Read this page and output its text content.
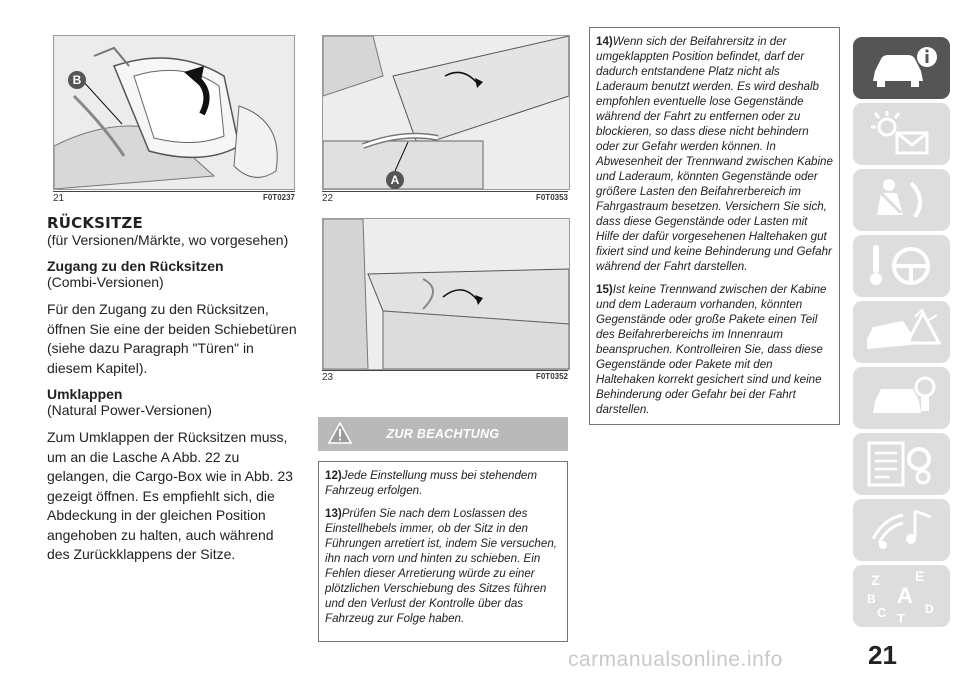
B
21	F0T0237

RÜCKSITZE

(für Versionen/Märkte, wo vorgesehen)

Zugang zu den Rücksitzen

(Combi-Versionen)

Für den Zugang zu den Rücksitzen, öffnen Sie eine der beiden Schiebetüren (siehe dazu Paragraph "Türen" in diesem Kapitel).

Umklappen

(Natural Power-Versionen)

Zum Umklappen der Rücksitzen muss, um an die Lasche A Abb. 22 zu gelangen, die Cargo-Box wie in Abb. 23 gezeigt öffnen. Es empfiehlt sich, die Abdeckung in der gleichen Position angehoben zu halten, auch während des Zurückklappens der Sitze.

A
22	F0T0353
23	F0T0352
ZUR BEACHTUNG

12)Jede Einstellung muss bei stehendem Fahrzeug erfolgen.

13)Prüfen Sie nach dem Loslassen des Einstellhebels immer, ob der Sitz in den Führungen arretiert ist, indem Sie versuchen, ihn nach vorn und hinten zu schieben. Ein Fehlen dieser Arretierung würde zu einer plötzlichen Verschiebung des Sitzes führen und den Verlust der Kontrolle über das Fahrzeug zur Folge haben.

14)Wenn sich der Beifahrersitz in der umgeklappten Position befindet, darf der dadurch entstandene Platz nicht als Laderaum benutzt werden. Es wird deshalb empfohlen eventuelle lose Gegenstände während der Fahrt zu entfernen oder zu blockieren, so dass diese nicht behindern oder zur Gefahr werden können. In Abwesenheit der Trennwand zwischen Kabine und Laderaum, könnten Gegenstände oder größere Lasten den Beifahrerbereich im Fahrgastraum besetzen. Versichern Sie sich, dass diese Gegenstände oder Lasten mit Hilfe der dafür vorgesehenen Haltehaken gut fixiert sind und keine Behinderung und Gefahr während der Fahrt darstellen.

15)Ist keine Trennwand zwischen der Kabine und dem Laderaum vorhanden, könnten Gegenstände oder große Pakete einen Teil des Beifahrerbereichs im Innenraum beanspruchen. Kontrolleiren Sie, dass diese Gegenstände oder Pakete mit den Haltehaken korrekt gesichert sind und keine Behinderung oder Gefahr bei der Fahrt darstellen.

Z	E
B A
C	D
T
21
carmanualsonline.info
